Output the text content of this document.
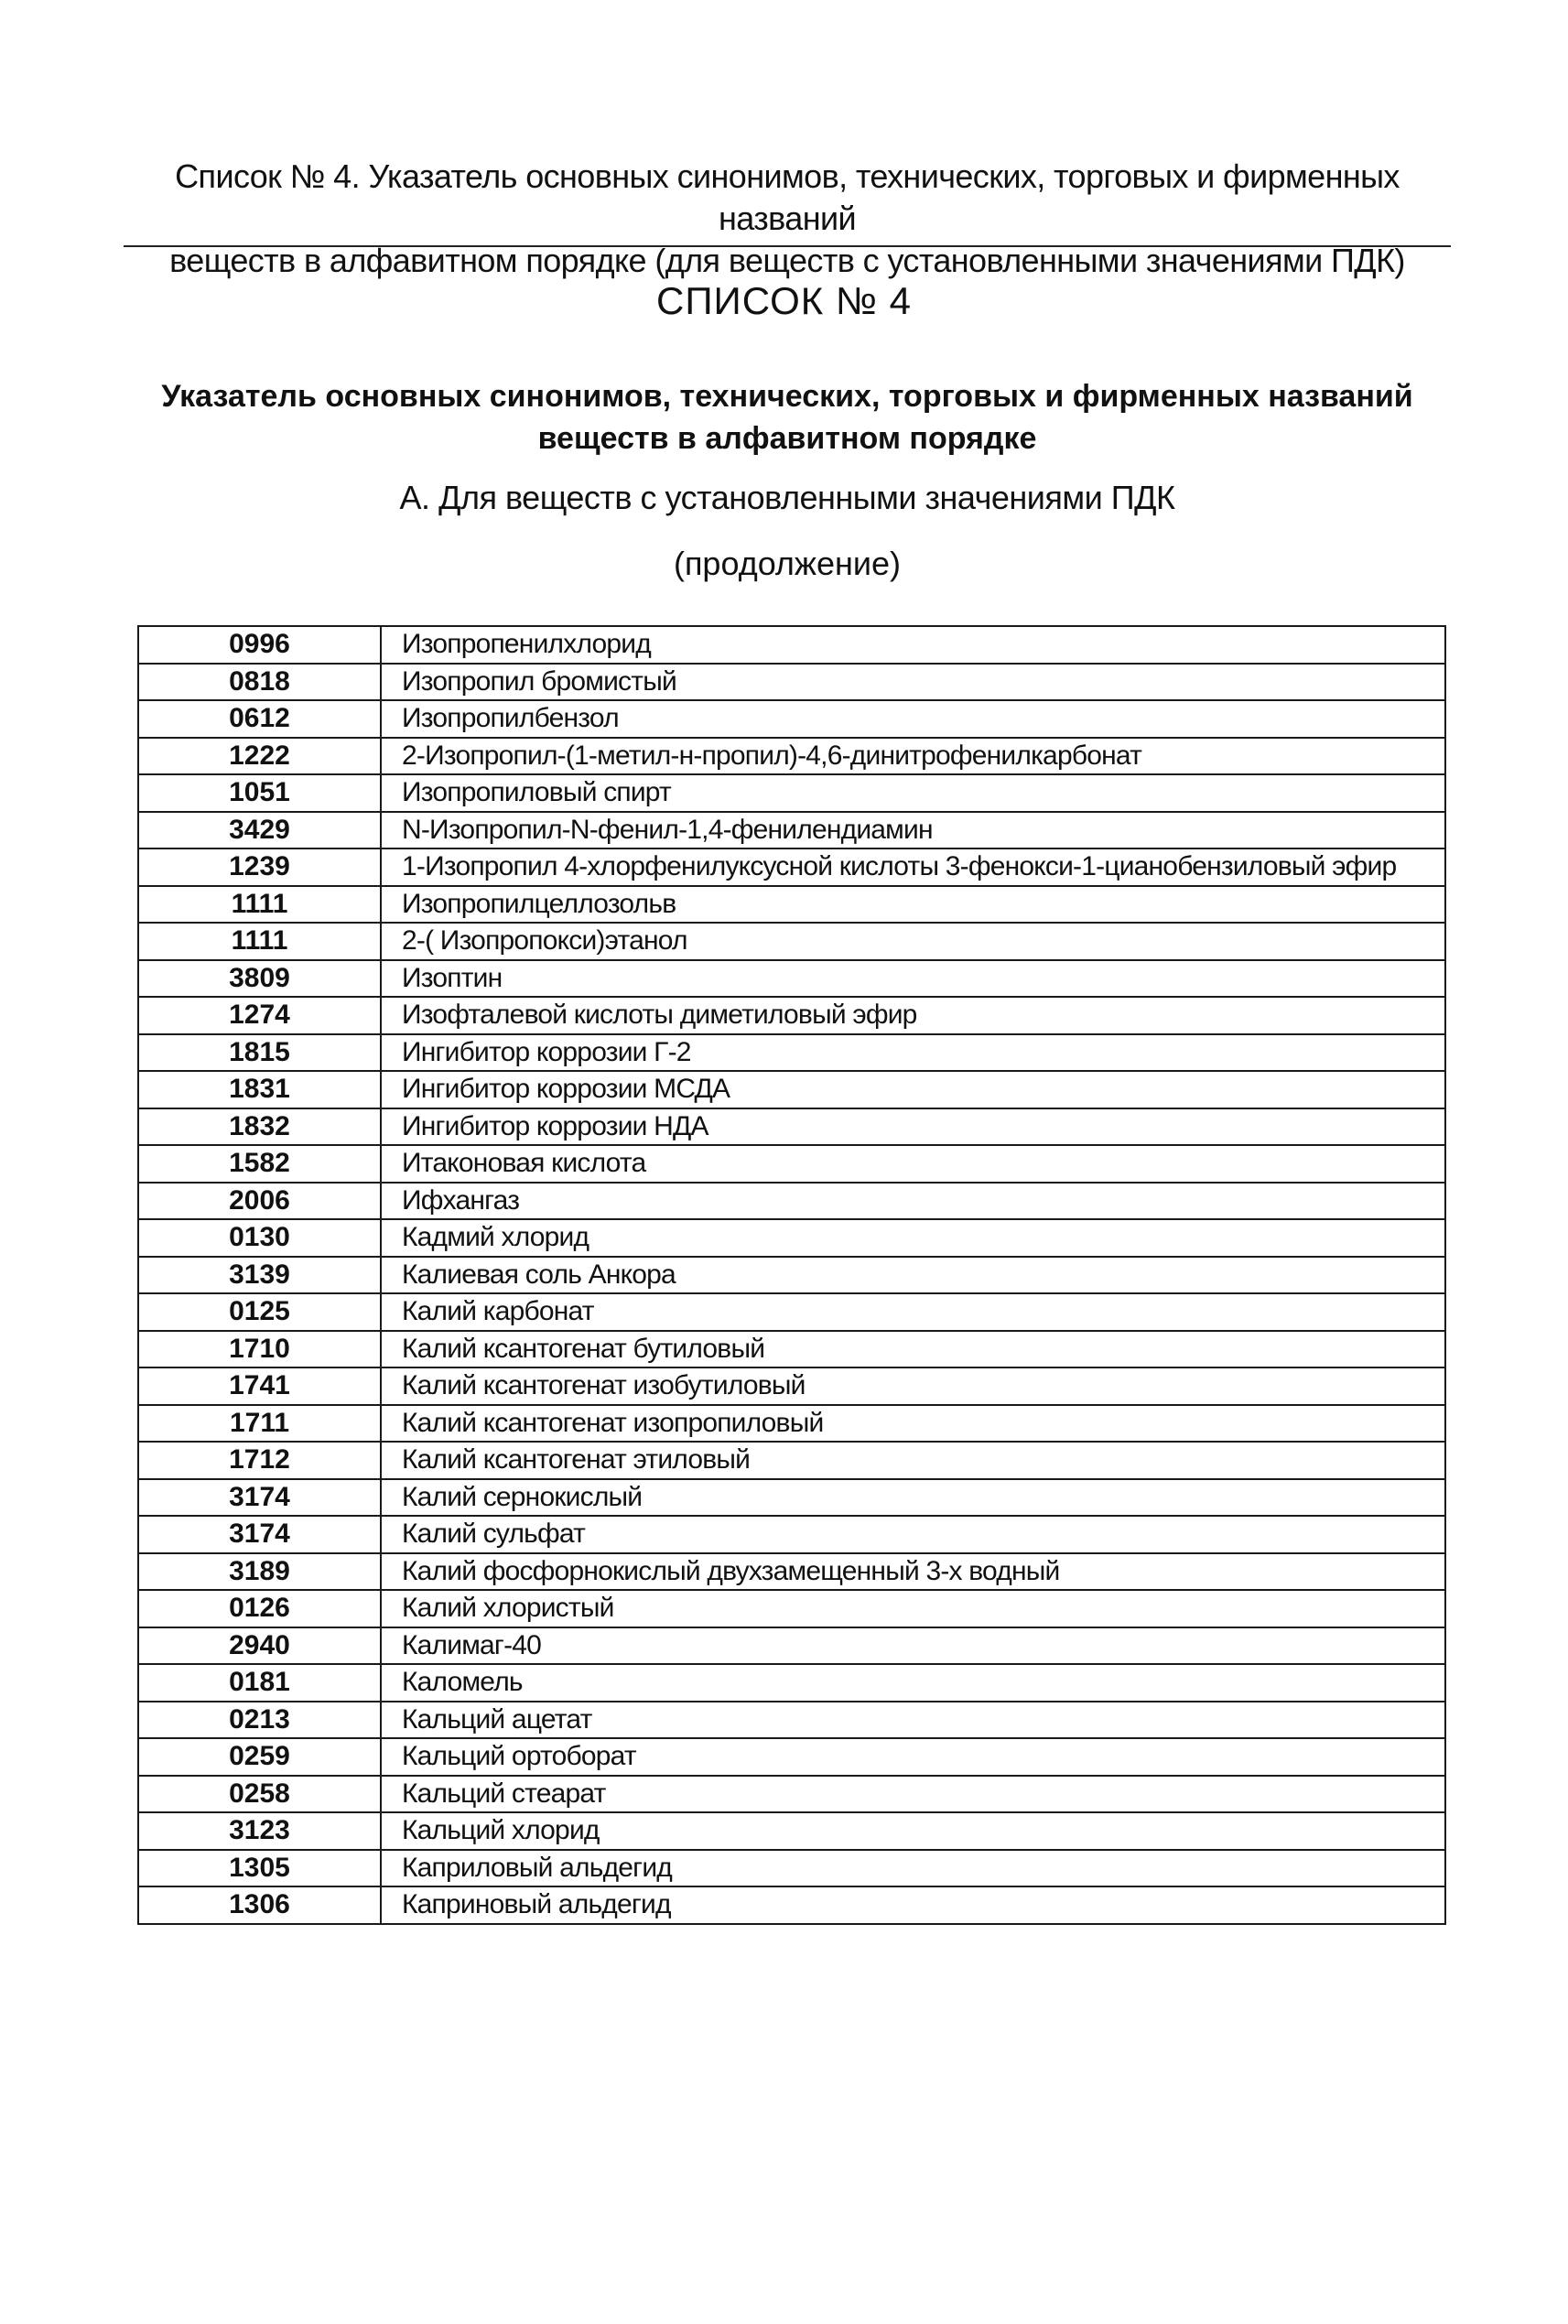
Список № 4. Указатель основных синонимов, технических, торговых и фирменных названий
веществ в алфавитном порядке (для веществ с установленными значениями ПДК)
СПИСОК № 4
Указатель основных синонимов, технических, торговых и фирменных названий
веществ в алфавитном порядке
А. Для веществ с установленными значениями ПДК
(продолжение)
0996	Изопропенилхлорид
0818	Изопропил бромистый
0612	Изопропилбензол
1222	2-Изопропил-(1-метил-н-пропил)-4,6-динитрофенилкарбонат
1051	Изопропиловый спирт
3429	N-Изопропил-N-фенил-1,4-фенилендиамин
1239	1-Изопропил 4-хлорфенилуксусной кислоты 3-фенокси-1-цианобензиловый эфир
1111	Изопропилцеллозольв
1111	2-( Изопропокси)этанол
3809	Изоптин
1274	Изофталевой кислоты диметиловый эфир
1815	Ингибитор коррозии Г-2
1831	Ингибитор коррозии МСДА
1832	Ингибитор коррозии НДА
1582	Итаконовая кислота
2006	Ифхангаз
0130	Кадмий хлорид
3139	Калиевая соль Анкора
0125	Калий карбонат
1710	Калий ксантогенат бутиловый
1741	Калий ксантогенат изобутиловый
1711	Калий ксантогенат изопропиловый
1712	Калий ксантогенат этиловый
3174	Калий сернокислый
3174	Калий сульфат
3189	Калий фосфорнокислый двухзамещенный 3-х водный
0126	Калий хлористый
2940	Калимаг-40
0181	Каломель
0213	Кальций ацетат
0259	Кальций ортоборат
0258	Кальций стеарат
3123	Кальций хлорид
1305	Каприловый альдегид
1306	Каприновый альдегид
